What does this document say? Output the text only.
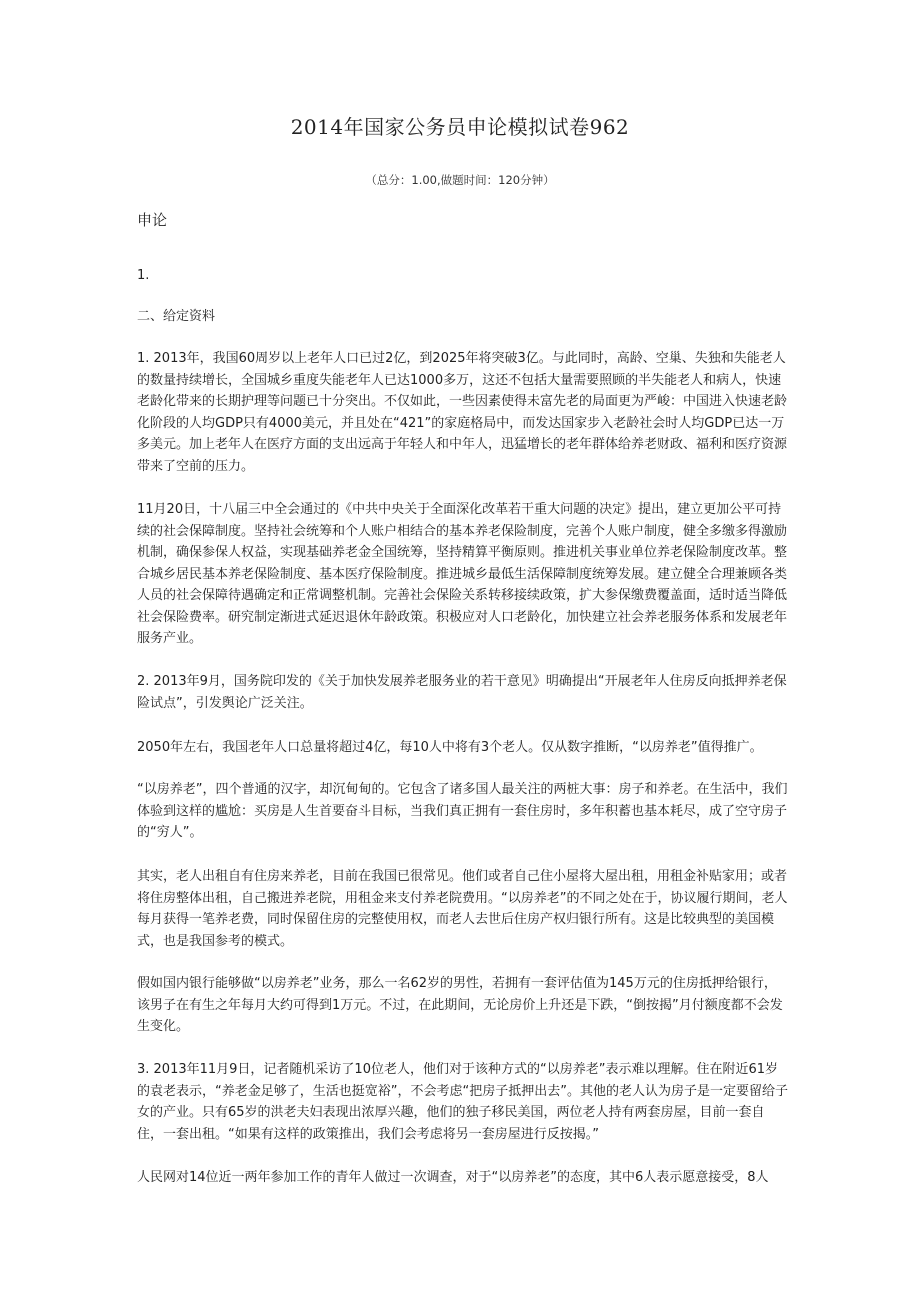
2014年国家公务员申论模拟试卷962
（总分：1.00,做题时间：120分钟）
申论

1.

二、给定资料

1. 2013年，我国60周岁以上老年人口已过2亿，到2025年将突破3亿。与此同时，高龄、空巢、失独和失能老人的数量持续增长，全国城乡重度失能老年人已达1000多万，这还不包括大量需要照顾的半失能老人和病人，快速老龄化带来的长期护理等问题已十分突出。不仅如此，一些因素使得未富先老的局面更为严峻：中国进入快速老龄化阶段的人均GDP只有4000美元，并且处在“421”的家庭格局中，而发达国家步入老龄社会时人均GDP已达一万多美元。加上老年人在医疗方面的支出远高于年轻人和中年人，迅猛增长的老年群体给养老财政、福利和医疗资源带来了空前的压力。

11月20日，十八届三中全会通过的《中共中央关于全面深化改革若干重大问题的决定》提出，建立更加公平可持续的社会保障制度。坚持社会统筹和个人账户相结合的基本养老保险制度，完善个人账户制度，健全多缴多得激励机制，确保参保人权益，实现基础养老金全国统筹，坚持精算平衡原则。推进机关事业单位养老保险制度改革。整合城乡居民基本养老保险制度、基本医疗保险制度。推进城乡最低生活保障制度统筹发展。建立健全合理兼顾各类人员的社会保障待遇确定和正常调整机制。完善社会保险关系转移接续政策，扩大参保缴费覆盖面，适时适当降低社会保险费率。研究制定渐进式延迟退休年龄政策。积极应对人口老龄化，加快建立社会养老服务体系和发展老年服务产业。

2. 2013年9月，国务院印发的《关于加快发展养老服务业的若干意见》明确提出“开展老年人住房反向抵押养老保险试点”，引发舆论广泛关注。

2050年左右，我国老年人口总量将超过4亿，每10人中将有3个老人。仅从数字推断，“以房养老”值得推广。

“以房养老”，四个普通的汉字，却沉甸甸的。它包含了诸多国人最关注的两桩大事：房子和养老。在生活中，我们体验到这样的尴尬：买房是人生首要奋斗目标，当我们真正拥有一套住房时，多年积蓄也基本耗尽，成了空守房子的“穷人”。

其实，老人出租自有住房来养老，目前在我国已很常见。他们或者自己住小屋将大屋出租，用租金补贴家用；或者将住房整体出租，自己搬进养老院，用租金来支付养老院费用。“以房养老”的不同之处在于，协议履行期间，老人每月获得一笔养老费，同时保留住房的完整使用权，而老人去世后住房产权归银行所有。这是比较典型的美国模式，也是我国参考的模式。

假如国内银行能够做“以房养老”业务，那么一名62岁的男性，若拥有一套评估值为145万元的住房抵押给银行，该男子在有生之年每月大约可得到1万元。不过，在此期间，无论房价上升还是下跌，“倒按揭”月付额度都不会发生变化。

3. 2013年11月9日，记者随机采访了10位老人，他们对于该种方式的“以房养老”表示难以理解。住在附近61岁的袁老表示，“养老金足够了，生活也挺宽裕”，不会考虑“把房子抵押出去”。其他的老人认为房子是一定要留给子女的产业。只有65岁的洪老夫妇表现出浓厚兴趣，他们的独子移民美国，两位老人持有两套房屋，目前一套自住，一套出租。“如果有这样的政策推出，我们会考虑将另一套房屋进行反按揭。”

人民网对14位近一两年参加工作的青年人做过一次调查，对于“以房养老”的态度，其中6人表示愿意接受，8人
